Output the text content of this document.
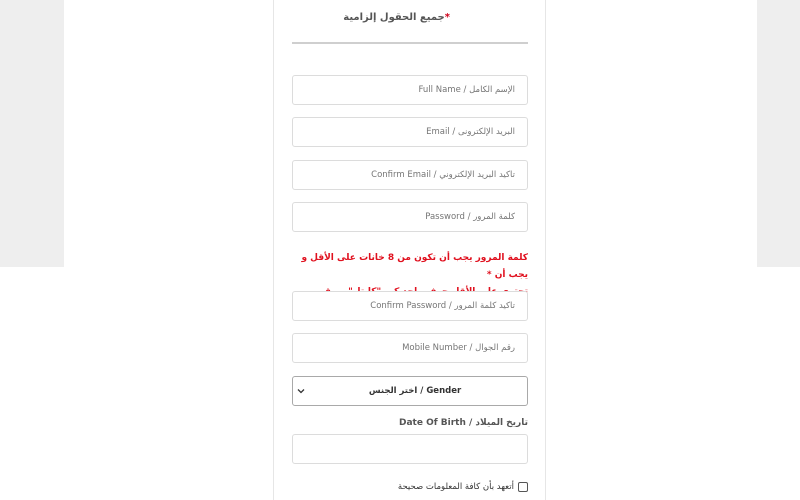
*جميع الحقول إلزامية
الإسم الكامل / Full Name
البريد الإلكترونى / Email
تأكيد البريد الإلكتروني / Confirm Email
كلمة المرور يجب أن تكون من 8 خانات على الأقل و يجب أن *
رقم الجوال / Mobile Number
Gender / اختر الجنس
تاريخ الميلاد / Date Of Birth
أتعهد بأن كافة المعلومات صحيحة
